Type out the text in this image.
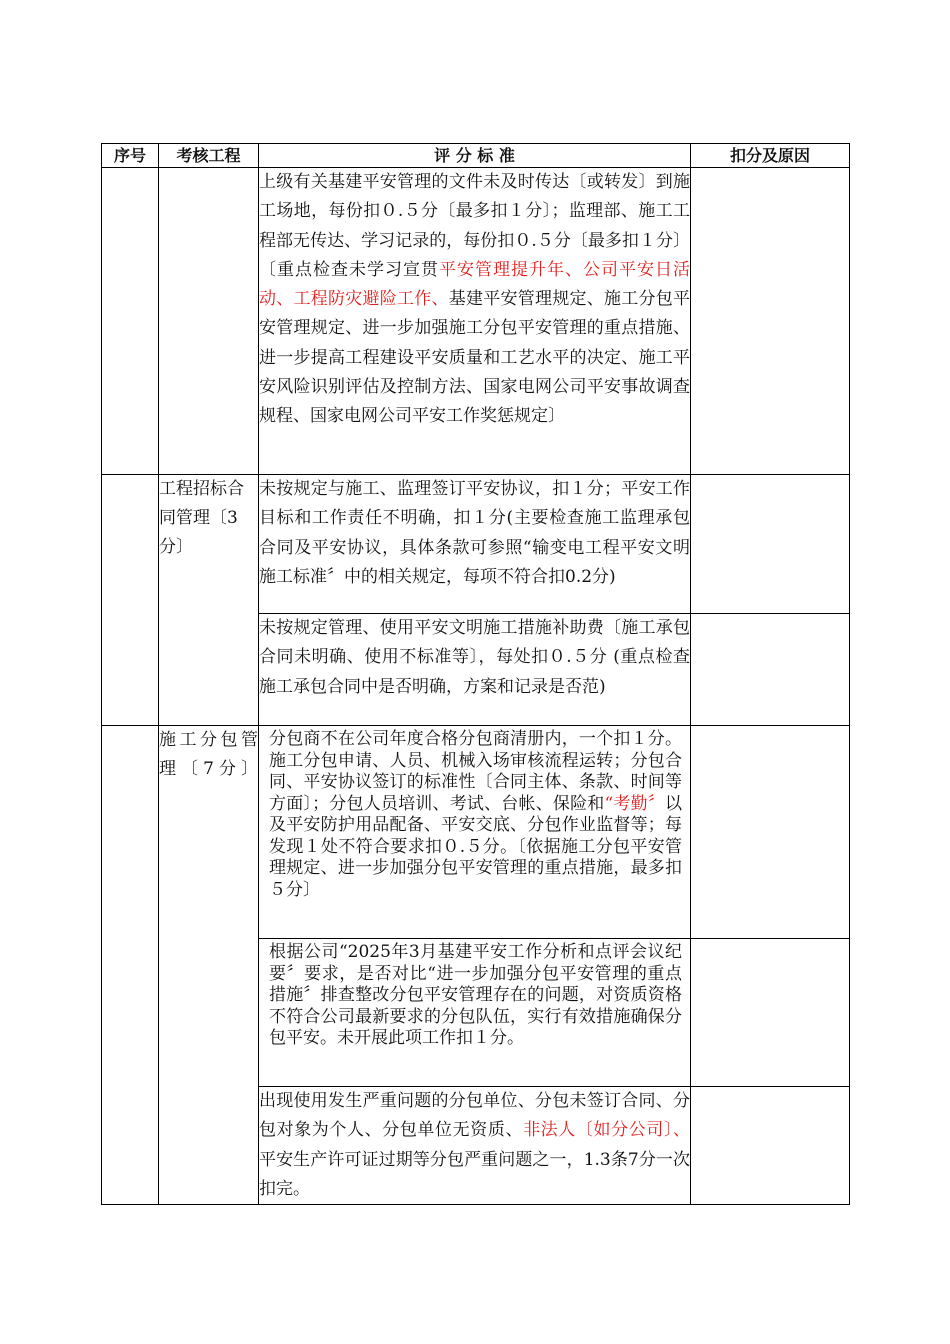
序号	考核工程	评 分 标 准	扣分及原因
		上级有关基建平安管理的文件未及时传达〔或转发〕到施工场地，每份扣０.５分〔最多扣１分〕；监理部、施工工程部无传达、学习记录的，每份扣０.５分〔最多扣１分〕〔重点检查未学习宣贯平安管理提升年、公司平安日活动、工程防灾避险工作、基建平安管理规定、施工分包平安管理规定、进一步加强施工分包平安管理的重点措施、进一步提高工程建设平安质量和工艺水平的决定、施工平安风险识别评估及控制方法、国家电网公司平安事故调查规程、国家电网公司平安工作奖惩规定〕	
	工程招标合同管理〔3分〕	未按规定与施工、监理签订平安协议，扣１分；平安工作目标和工作责任不明确，扣１分(主要检查施工监理承包合同及平安协议，具体条款可参照“输变电工程平安文明施工标准〞中的相关规定，每项不符合扣0.2分)	
		未按规定管理、使用平安文明施工措施补助费〔施工承包合同未明确、使用不标准等〕，每处扣０.５分 (重点检查施工承包合同中是否明确，方案和记录是否范)	
	施工分包管理〔7分〕	分包商不在公司年度合格分包商清册内，一个扣１分。施工分包申请、人员、机械入场审核流程运转；分包合同、平安协议签订的标准性〔合同主体、条款、时间等方面〕；分包人员培训、考试、台帐、保险和“考勤〞以及平安防护用品配备、平安交底、分包作业监督等；每发现１处不符合要求扣０.５分。〔依据施工分包平安管理规定、进一步加强分包平安管理的重点措施，最多扣５分〕	
		根据公司“2025年3月基建平安工作分析和点评会议纪要〞要求，是否对比“进一步加强分包平安管理的重点措施〞排查整改分包平安管理存在的问题，对资质资格不符合公司最新要求的分包队伍，实行有效措施确保分包平安。未开展此项工作扣１分。	
		出现使用发生严重问题的分包单位、分包未签订合同、分包对象为个人、分包单位无资质、非法人〔如分公司〕、平安生产许可证过期等分包严重问题之一，1.3条7分一次扣完。	
